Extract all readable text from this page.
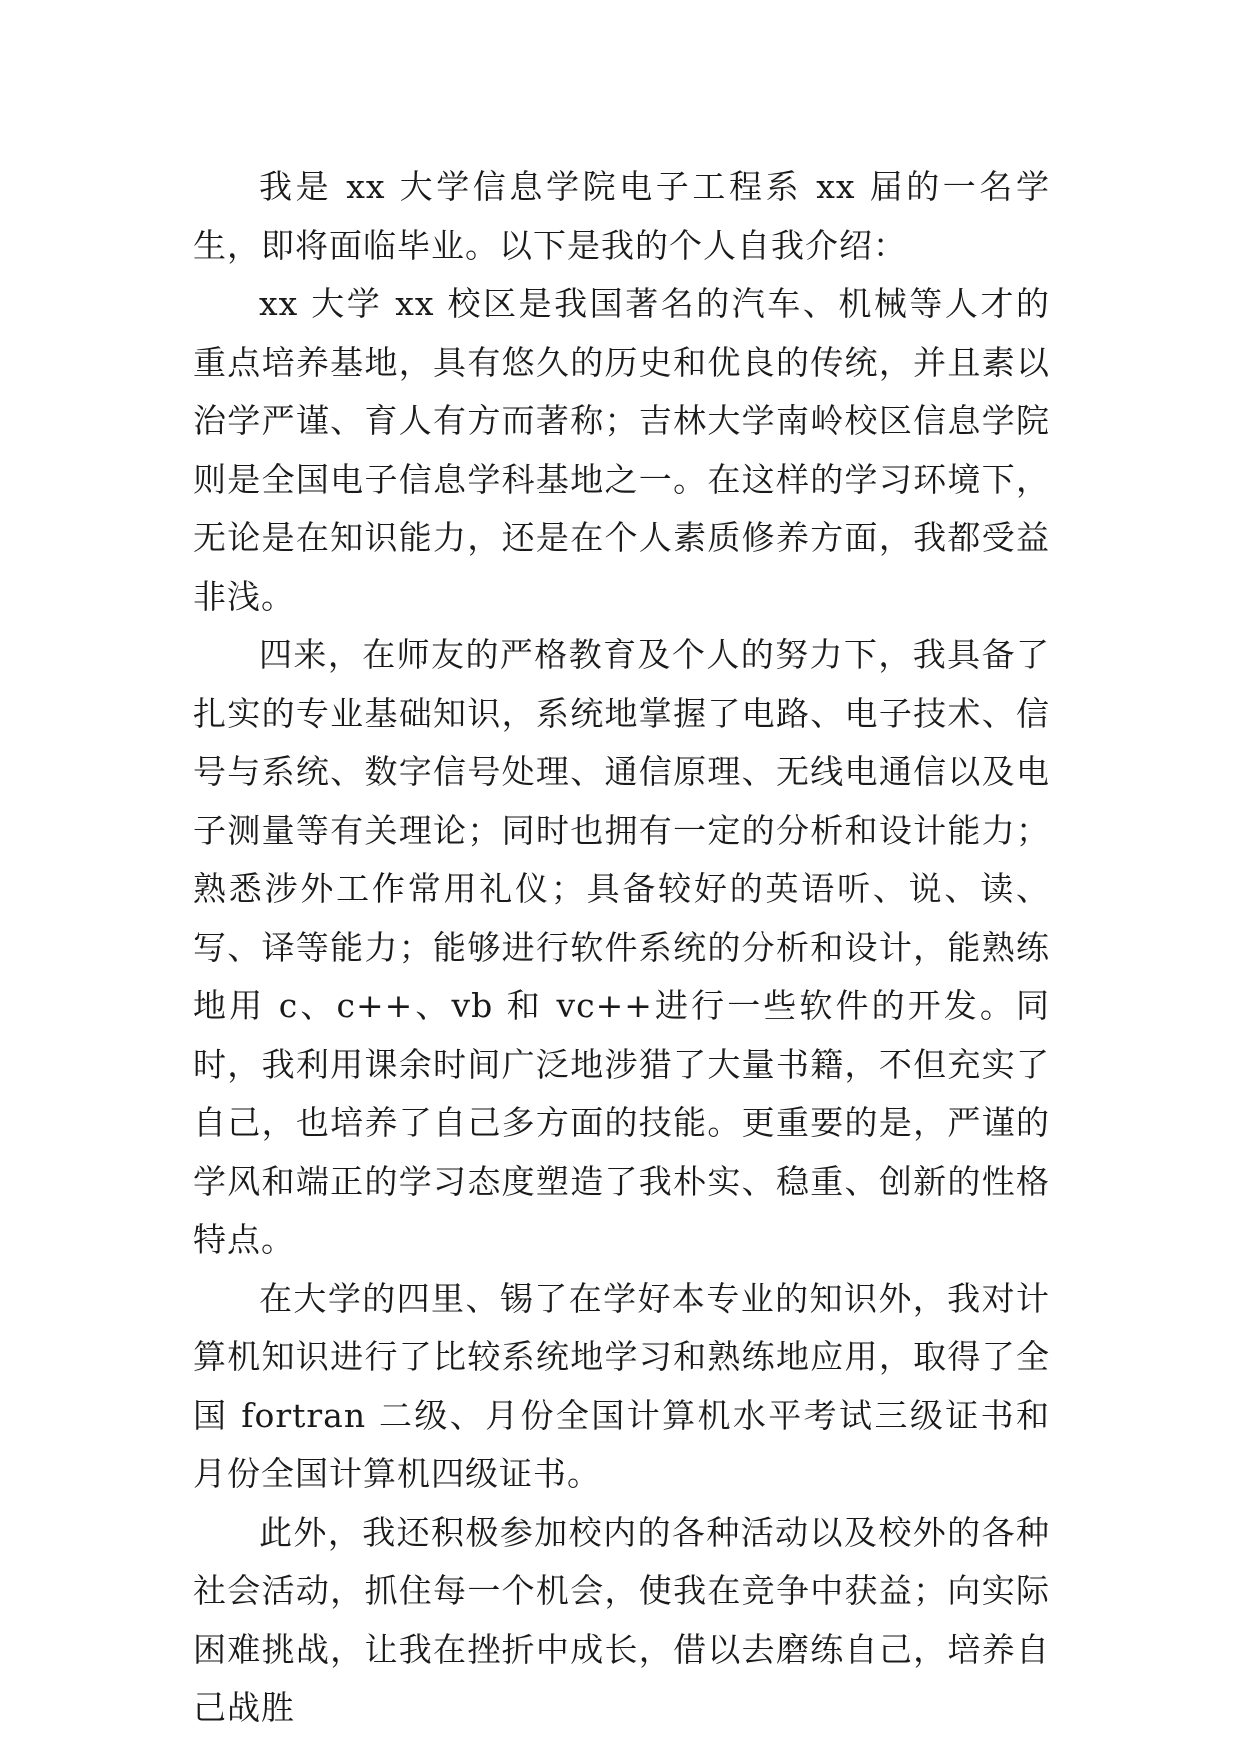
我是 xx 大学信息学院电子工程系 xx 届的一名学生，即将面临毕业。以下是我的个人自我介绍：

xx 大学 xx 校区是我国著名的汽车、机械等人才的重点培养基地，具有悠久的历史和优良的传统，并且素以治学严谨、育人有方而著称；吉林大学南岭校区信息学院则是全国电子信息学科基地之一。在这样的学习环境下，无论是在知识能力，还是在个人素质修养方面，我都受益非浅。

四来，在师友的严格教育及个人的努力下，我具备了扎实的专业基础知识，系统地掌握了电路、电子技术、信号与系统、数字信号处理、通信原理、无线电通信以及电子测量等有关理论；同时也拥有一定的分析和设计能力；熟悉涉外工作常用礼仪；具备较好的英语听、说、读、写、译等能力；能够进行软件系统的分析和设计，能熟练地用 c、c++、vb 和 vc++进行一些软件的开发。同时，我利用课余时间广泛地涉猎了大量书籍，不但充实了自己，也培养了自己多方面的技能。更重要的是，严谨的学风和端正的学习态度塑造了我朴实、稳重、创新的性格特点。

在大学的四里、锡了在学好本专业的知识外，我对计算机知识进行了比较系统地学习和熟练地应用，取得了全国 fortran 二级、月份全国计算机水平考试三级证书和月份全国计算机四级证书。

此外，我还积极参加校内的各种活动以及校外的各种社会活动，抓住每一个机会，使我在竞争中获益；向实际困难挑战，让我在挫折中成长，借以去磨练自己，培养自己战胜
